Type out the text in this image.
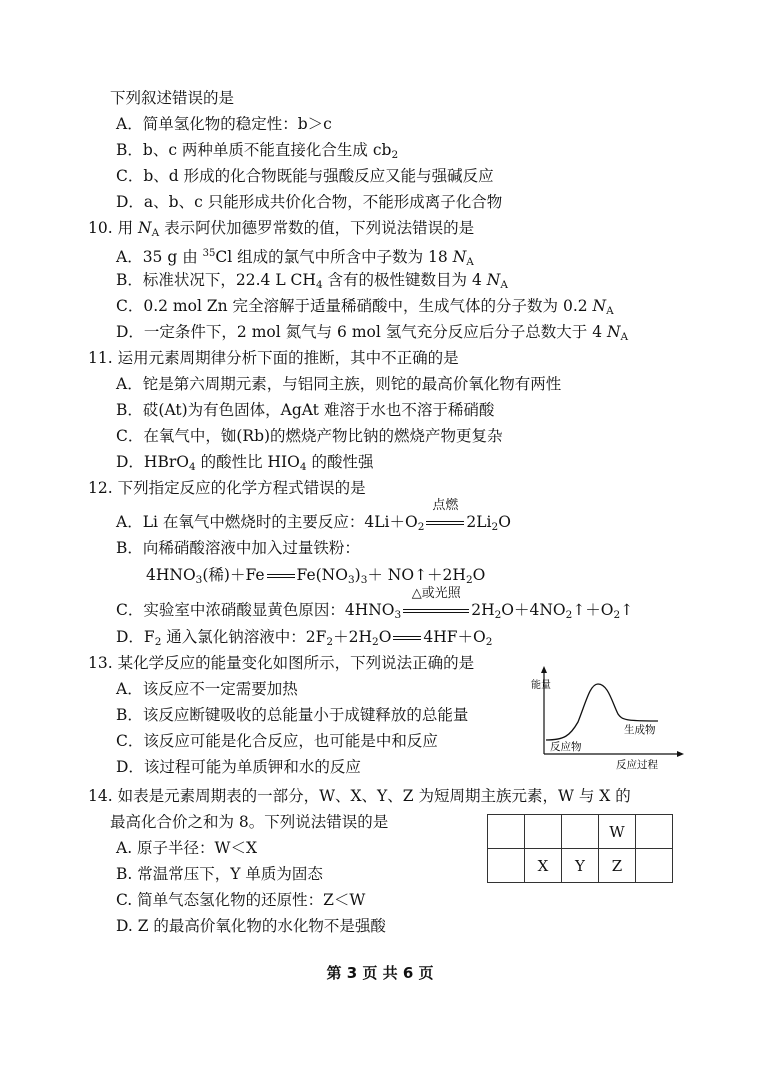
下列叙述错误的是
A．简单氢化物的稳定性：b＞c
B．b、c 两种单质不能直接化合生成 $cb_2$
C．b、d 形成的化合物既能与强酸反应又能与强碱反应
D．a、b、c 只能形成共价化合物，不能形成离子化合物
10. 用 $N_A$ 表示阿伏加德罗常数的值，下列说法错误的是
A．35 g 由 $^{35}$Cl 组成的氯气中所含中子数为 18 $N_A$
B．标准状况下，22.4 L $CH_4$ 含有的极性键数目为 4 $N_A$
C．0.2 mol Zn 完全溶解于适量稀硝酸中，生成气体的分子数为 0.2 $N_A$
D．一定条件下，2 mol 氮气与 6 mol 氢气充分反应后分子总数大于 4 $N_A$
11. 运用元素周期律分析下面的推断，其中不正确的是
A．铊是第六周期元素，与铝同主族，则铊的最高价氧化物有两性
B．砹(At)为有色固体，AgAt 难溶于水也不溶于稀硝酸
C．在氧气中，铷(Rb)的燃烧产物比钠的燃烧产物更复杂
D．HBrO$_4$ 的酸性比 $HIO_4$ 的酸性强
12. 下列指定反应的化学方程式错误的是
A．Li 在氧气中燃烧时的主要反应：$4Li+O_2$
点燃
$2Li_2O$
B．向稀硝酸溶液中加入过量铁粉：
$4HNO_3$(稀)＋Fe $Fe(NO_3)_3+$ $NO↑+2H_2O$
C．实验室中浓硝酸显黄色原因：$4HNO_3$
△或光照
$2H_2O+4NO_2↑+O_2↑$
D．$F_2$ 通入氯化钠溶液中：$2F_2+2H_2O$ $4HF+O_2$
13. 某化学反应的能量变化如图所示，下列说法正确的是
A．该反应不一定需要加热
B．该反应断键吸收的总能量小于成键释放的总能量
C．该反应可能是化合反应，也可能是中和反应
D．该过程可能为单质钾和水的反应
能量
反应物
生成物
反应过程
14. 如表是元素周期表的一部分，W、X、Y、Z 为短周期主族元素，W 与 X 的
最高化合价之和为 8。下列说法错误的是
A. 原子半径：W＜X
B. 常温常压下，Y 单质为固态
C. 简单气态氢化物的还原性：Z＜W
D. Z 的最高价氧化物的水化物不是强酸
			W	
	X	Y	Z	
第 3 页 共 6 页
